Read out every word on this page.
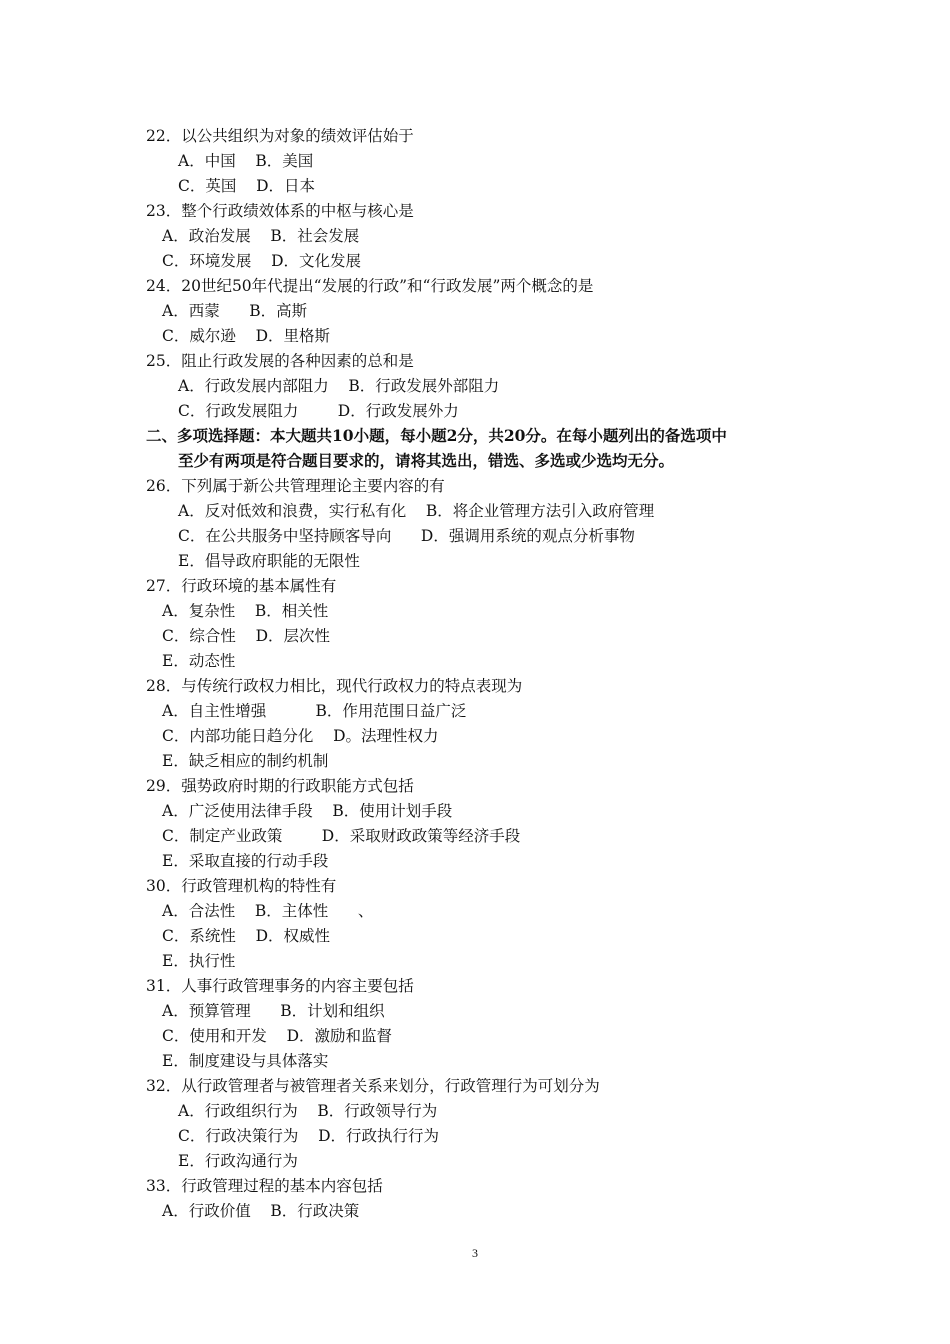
22．以公共组织为对象的绩效评估始于
A．中国    B．美国
C．英国    D．日本
23．整个行政绩效体系的中枢与核心是
A．政治发展    B．社会发展
C．环境发展    D．文化发展
24．20世纪50年代提出“发展的行政”和“行政发展”两个概念的是
A．西蒙      B．高斯
C．威尔逊    D．里格斯
25．阻止行政发展的各种因素的总和是
A．行政发展内部阻力    B．行政发展外部阻力
C．行政发展阻力        D．行政发展外力
二、多项选择题：本大题共10小题，每小题2分，共20分。在每小题列出的备选项中
至少有两项是符合题目要求的，请将其选出，错选、多选或少选均无分。
26．下列属于新公共管理理论主要内容的有
A．反对低效和浪费，实行私有化    B．将企业管理方法引入政府管理
C．在公共服务中坚持顾客导向      D．强调用系统的观点分析事物
E．倡导政府职能的无限性
27．行政环境的基本属性有
A．复杂性    B．相关性
C．综合性    D．层次性
E．动态性
28．与传统行政权力相比，现代行政权力的特点表现为
A．自主性增强          B．作用范围日益广泛
C．内部功能日趋分化    D。法理性权力
E．缺乏相应的制约机制
29．强势政府时期的行政职能方式包括
A．广泛使用法律手段    B．使用计划手段
C．制定产业政策        D．采取财政政策等经济手段
E．采取直接的行动手段
30．行政管理机构的特性有
A．合法性    B．主体性      、
C．系统性    D．权威性
E．执行性
31．人事行政管理事务的内容主要包括
A．预算管理      B．计划和组织
C．使用和开发    D．激励和监督
E．制度建设与具体落实
32．从行政管理者与被管理者关系来划分，行政管理行为可划分为
A．行政组织行为    B．行政领导行为
C．行政决策行为    D．行政执行行为
E．行政沟通行为
33．行政管理过程的基本内容包括
A．行政价值    B．行政决策
3
